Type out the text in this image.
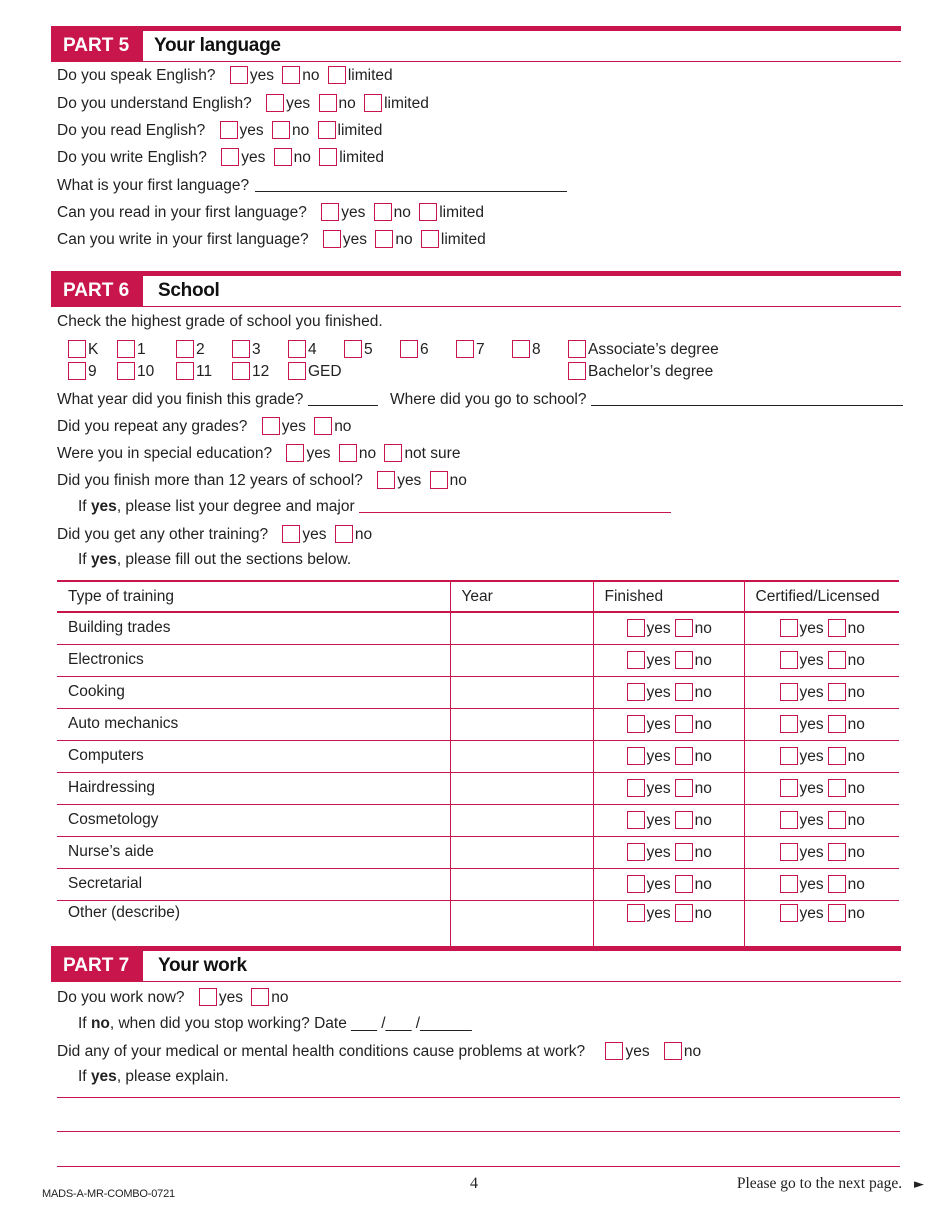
PART 5	Your language
Do you speak English? yes no limited
Do you understand English? yes no limited
Do you read English? yes no limited
Do you write English? yes no limited
What is your first language?
Can you read in your first language? yes no limited
Can you write in your first language? yes no limited
PART 6	School
Check the highest grade of school you finished.
K	1	2	3	4	5	6	7	8	Associate’s degree
9	10	11	12	GED	Bachelor’s degree
What year did you finish this grade?	Where did you go to school?
Did you repeat any grades? yes no
Were you in special education? yes no not sure
Did you finish more than 12 years of school? yes no
If yes, please list your degree and major
Did you get any other training? yes no
If yes, please fill out the sections below.
Type of training	Year	Finished	Certified/Licensed
Building trades		yes no	yes no
Electronics		yes no	yes no
Cooking		yes no	yes no
Auto mechanics		yes no	yes no
Computers		yes no	yes no
Hairdressing		yes no	yes no
Cosmetology		yes no	yes no
Nurse’s aide		yes no	yes no
Secretarial		yes no	yes no
Other (describe)		yes no	yes no
PART 7	Your work
Do you work now? yes no
If no, when did you stop working? Date ___ /___ /______
Did any of your medical or mental health conditions cause problems at work?	yes no
If yes, please explain.
MADS-A-MR-COMBO-0721
4	Please go to the next page. ►
